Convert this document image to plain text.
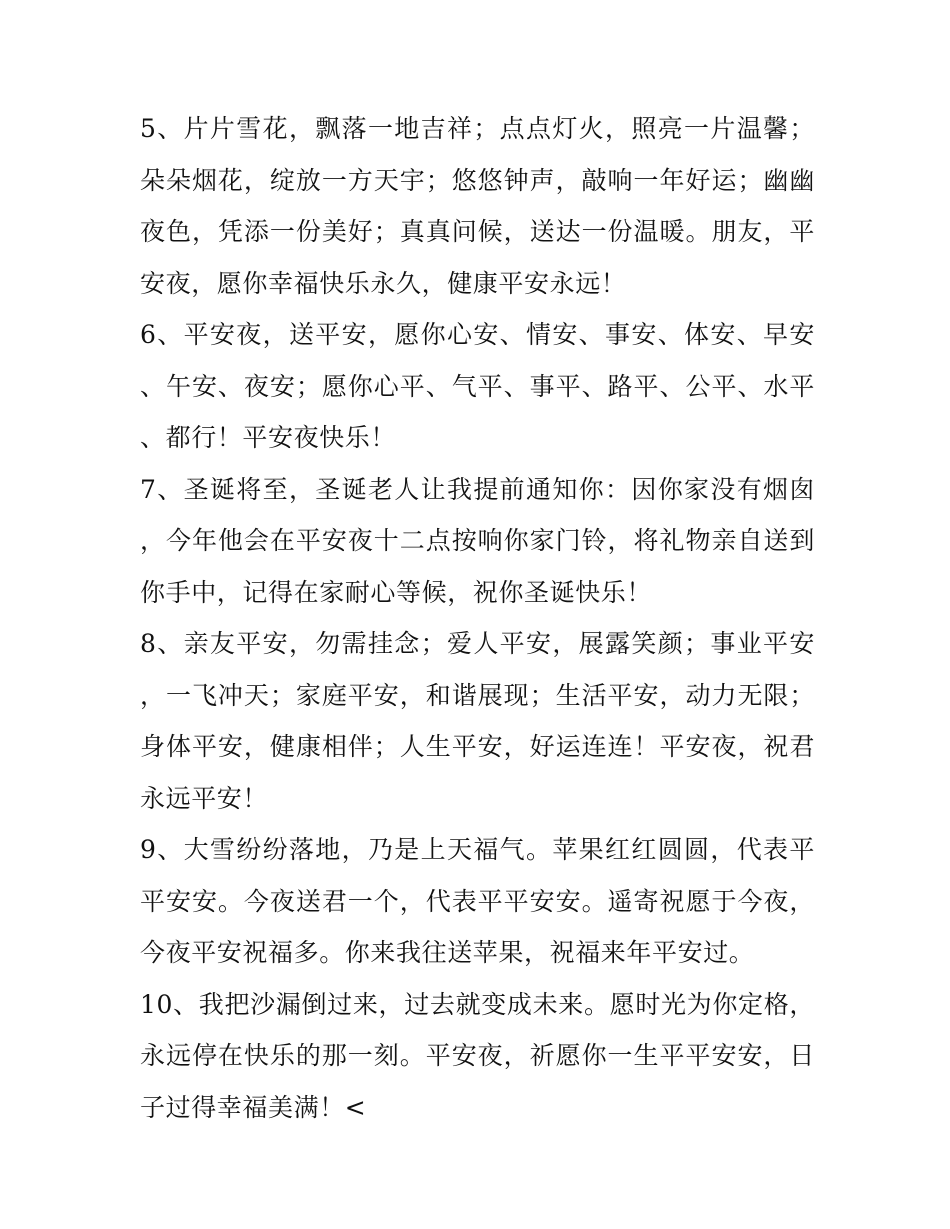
5、片片雪花，飘落一地吉祥；点点灯火，照亮一片温馨；朵朵烟花，绽放一方天宇；悠悠钟声，敲响一年好运；幽幽夜色，凭添一份美好；真真问候，送达一份温暖。朋友，平安夜，愿你幸福快乐永久，健康平安永远！

6、平安夜，送平安，愿你心安、情安、事安、体安、早安、午安、夜安；愿你心平、气平、事平、路平、公平、水平、都行！平安夜快乐！

7、圣诞将至，圣诞老人让我提前通知你：因你家没有烟囱，今年他会在平安夜十二点按响你家门铃，将礼物亲自送到你手中，记得在家耐心等候，祝你圣诞快乐！

8、亲友平安，勿需挂念；爱人平安，展露笑颜；事业平安，一飞冲天；家庭平安，和谐展现；生活平安，动力无限；身体平安，健康相伴；人生平安，好运连连！平安夜，祝君永远平安！

9、大雪纷纷落地，乃是上天福气。苹果红红圆圆，代表平平安安。今夜送君一个，代表平平安安。遥寄祝愿于今夜，今夜平安祝福多。你来我往送苹果，祝福来年平安过。

10、我把沙漏倒过来，过去就变成未来。愿时光为你定格，永远停在快乐的那一刻。平安夜，祈愿你一生平平安安，日子过得幸福美满！<
